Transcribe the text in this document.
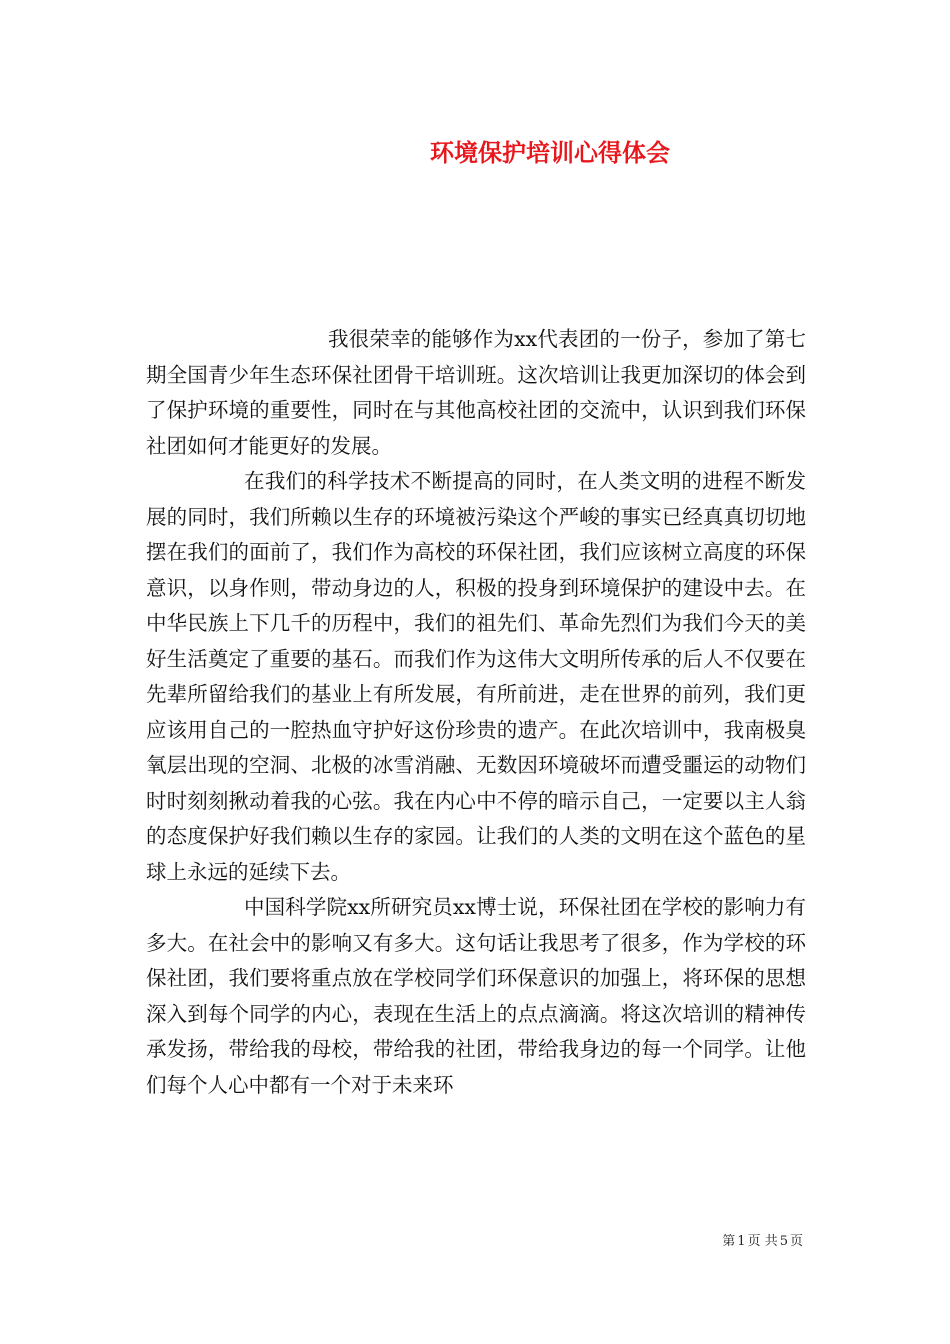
环境保护培训心得体会

我很荣幸的能够作为xx代表团的一份子，参加了第七期全国青少年生态环保社团骨干培训班。这次培训让我更加深切的体会到了保护环境的重要性，同时在与其他高校社团的交流中，认识到我们环保社团如何才能更好的发展。

在我们的科学技术不断提高的同时，在人类文明的进程不断发展的同时，我们所赖以生存的环境被污染这个严峻的事实已经真真切切地摆在我们的面前了，我们作为高校的环保社团，我们应该树立高度的环保意识，以身作则，带动身边的人，积极的投身到环境保护的建设中去。在中华民族上下几千的历程中，我们的祖先们、革命先烈们为我们今天的美好生活奠定了重要的基石。而我们作为这伟大文明所传承的后人不仅要在先辈所留给我们的基业上有所发展，有所前进，走在世界的前列，我们更应该用自己的一腔热血守护好这份珍贵的遗产。在此次培训中，我南极臭氧层出现的空洞、北极的冰雪消融、无数因环境破坏而遭受噩运的动物们时时刻刻揪动着我的心弦。我在内心中不停的暗示自己，一定要以主人翁的态度保护好我们赖以生存的家园。让我们的人类的文明在这个蓝色的星球上永远的延续下去。

中国科学院xx所研究员xx博士说，环保社团在学校的影响力有多大。在社会中的影响又有多大。这句话让我思考了很多，作为学校的环保社团，我们要将重点放在学校同学们环保意识的加强上，将环保的思想深入到每个同学的内心，表现在生活上的点点滴滴。将这次培训的精神传承发扬，带给我的母校，带给我的社团，带给我身边的每一个同学。让他们每个人心中都有一个对于未来环

第 1 页 共 5 页
